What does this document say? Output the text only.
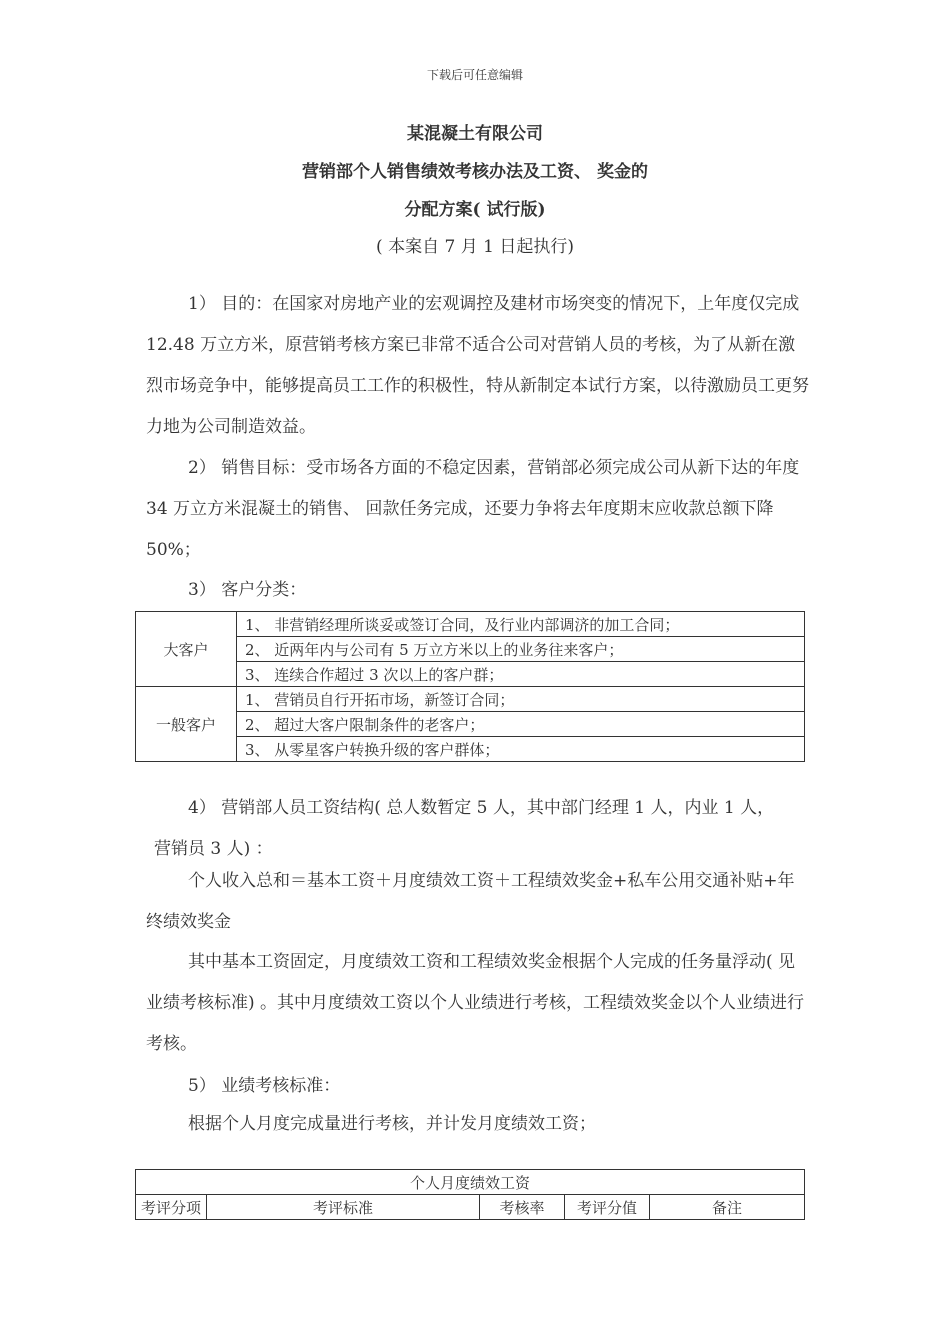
下载后可任意编辑
某混凝土有限公司
营销部个人销售绩效考核办法及工资、 奖金的
分配方案( 试行版)
( 本案自 7 月 1 日起执行)

1） 目的：在国家对房地产业的宏观调控及建材市场突变的情况下，上年度仅完成 12.48 万立方米，原营销考核方案已非常不适合公司对营销人员的考核，为了从新在激烈市场竞争中，能够提高员工工作的积极性，特从新制定本试行方案，以待激励员工更努力地为公司制造效益。

2） 销售目标：受市场各方面的不稳定因素，营销部必须完成公司从新下达的年度 34 万立方米混凝土的销售、 回款任务完成，还要力争将去年度期末应收款总额下降 50%；

3） 客户分类：
大客户	1、 非营销经理所谈妥或签订合同，及行业内部调济的加工合同；
	2、 近两年内与公司有 5 万立方米以上的业务往来客户；
	3、 连续合作超过 3 次以上的客户群；
一般客户	1、 营销员自行开拓市场，新签订合同；
	2、 超过大客户限制条件的老客户；
	3、 从零星客户转换升级的客户群体；
4） 营销部人员工资结构( 总人数暂定 5 人，其中部门经理 1 人，内业 1 人，
营销员 3 人) ：

个人收入总和＝基本工资＋月度绩效工资＋工程绩效奖金+私车公用交通补贴+年终绩效奖金

其中基本工资固定，月度绩效工资和工程绩效奖金根据个人完成的任务量浮动( 见业绩考核标准) 。其中月度绩效工资以个人业绩进行考核，工程绩效奖金以个人业绩进行考核。

5） 业绩考核标准：
根据个人月度完成量进行考核，并计发月度绩效工资；
个人月度绩效工资
考评分项	考评标准	考核率	考评分值	备注
